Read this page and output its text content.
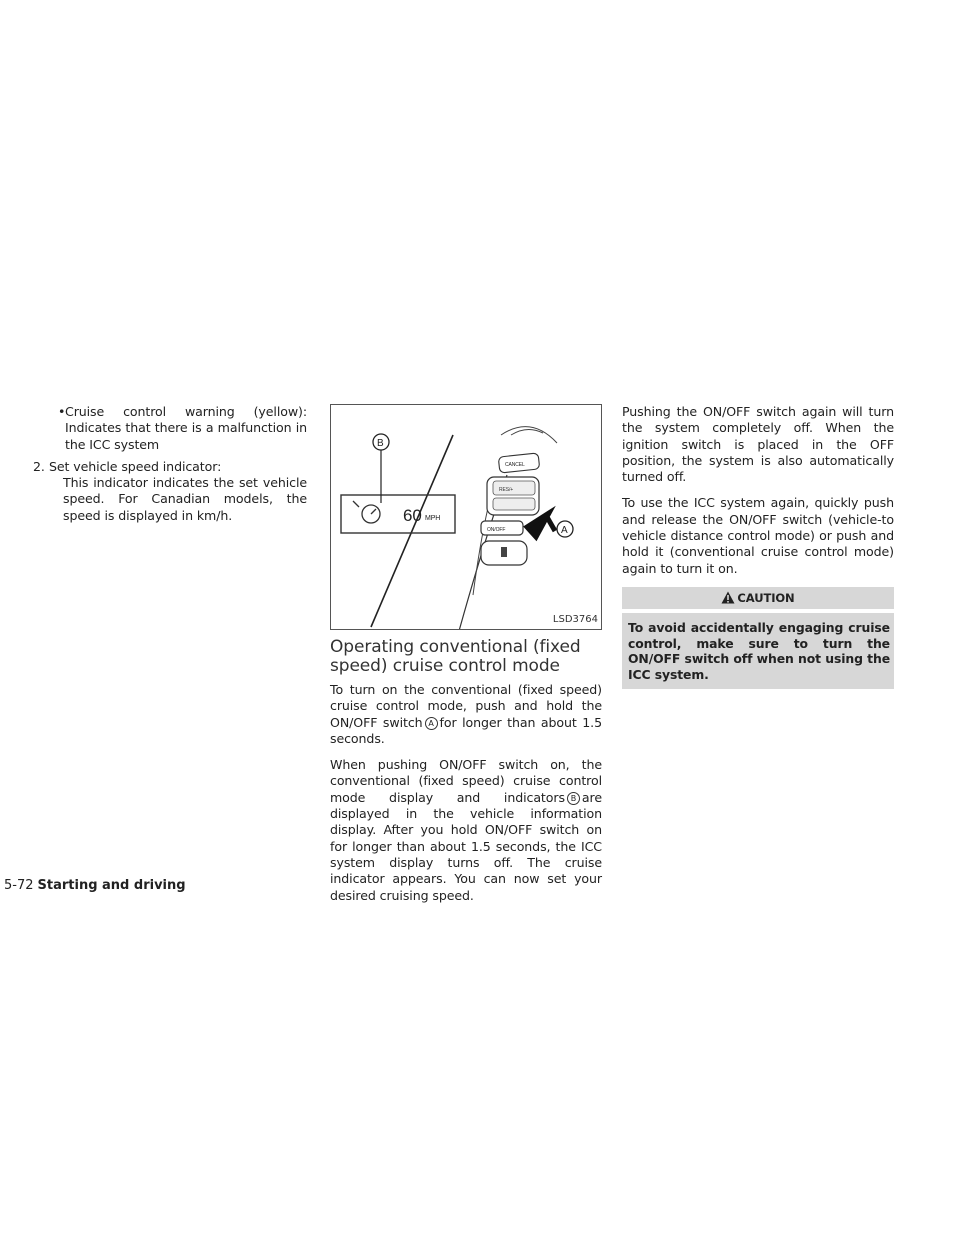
• Cruise control warning (yellow): Indicates that there is a malfunction in the ICC system
2. Set vehicle speed indicator:
This indicator indicates the set vehicle speed. For Canadian models, the speed is displayed in km/h.	60 MPH
B
CANCEL
RES/+
ON/OFF	A
LSD3764
Operating conventional (fixed speed) cruise control mode

To turn on the conventional (fixed speed) cruise control mode, push and hold the ON/OFF switch A for longer than about 1.5 seconds.

When pushing ON/OFF switch on, the conventional (fixed speed) cruise control mode display and indicators B are displayed in the vehicle information display. After you hold ON/OFF switch on for longer than about 1.5 seconds, the ICC system display turns off. The cruise indicator appears. You can now set your desired cruising speed.

Pushing the ON/OFF switch again will turn the system completely off. When the ignition switch is placed in the OFF position, the system is also automatically turned off.

To use the ICC system again, quickly push and release the ON/OFF switch (vehicle-to vehicle distance control mode) or push and hold it (conventional cruise control mode) again to turn it on.

CAUTION
To avoid accidentally engaging cruise control, make sure to turn the ON/OFF switch off when not using the ICC system.
5-72 Starting and driving
